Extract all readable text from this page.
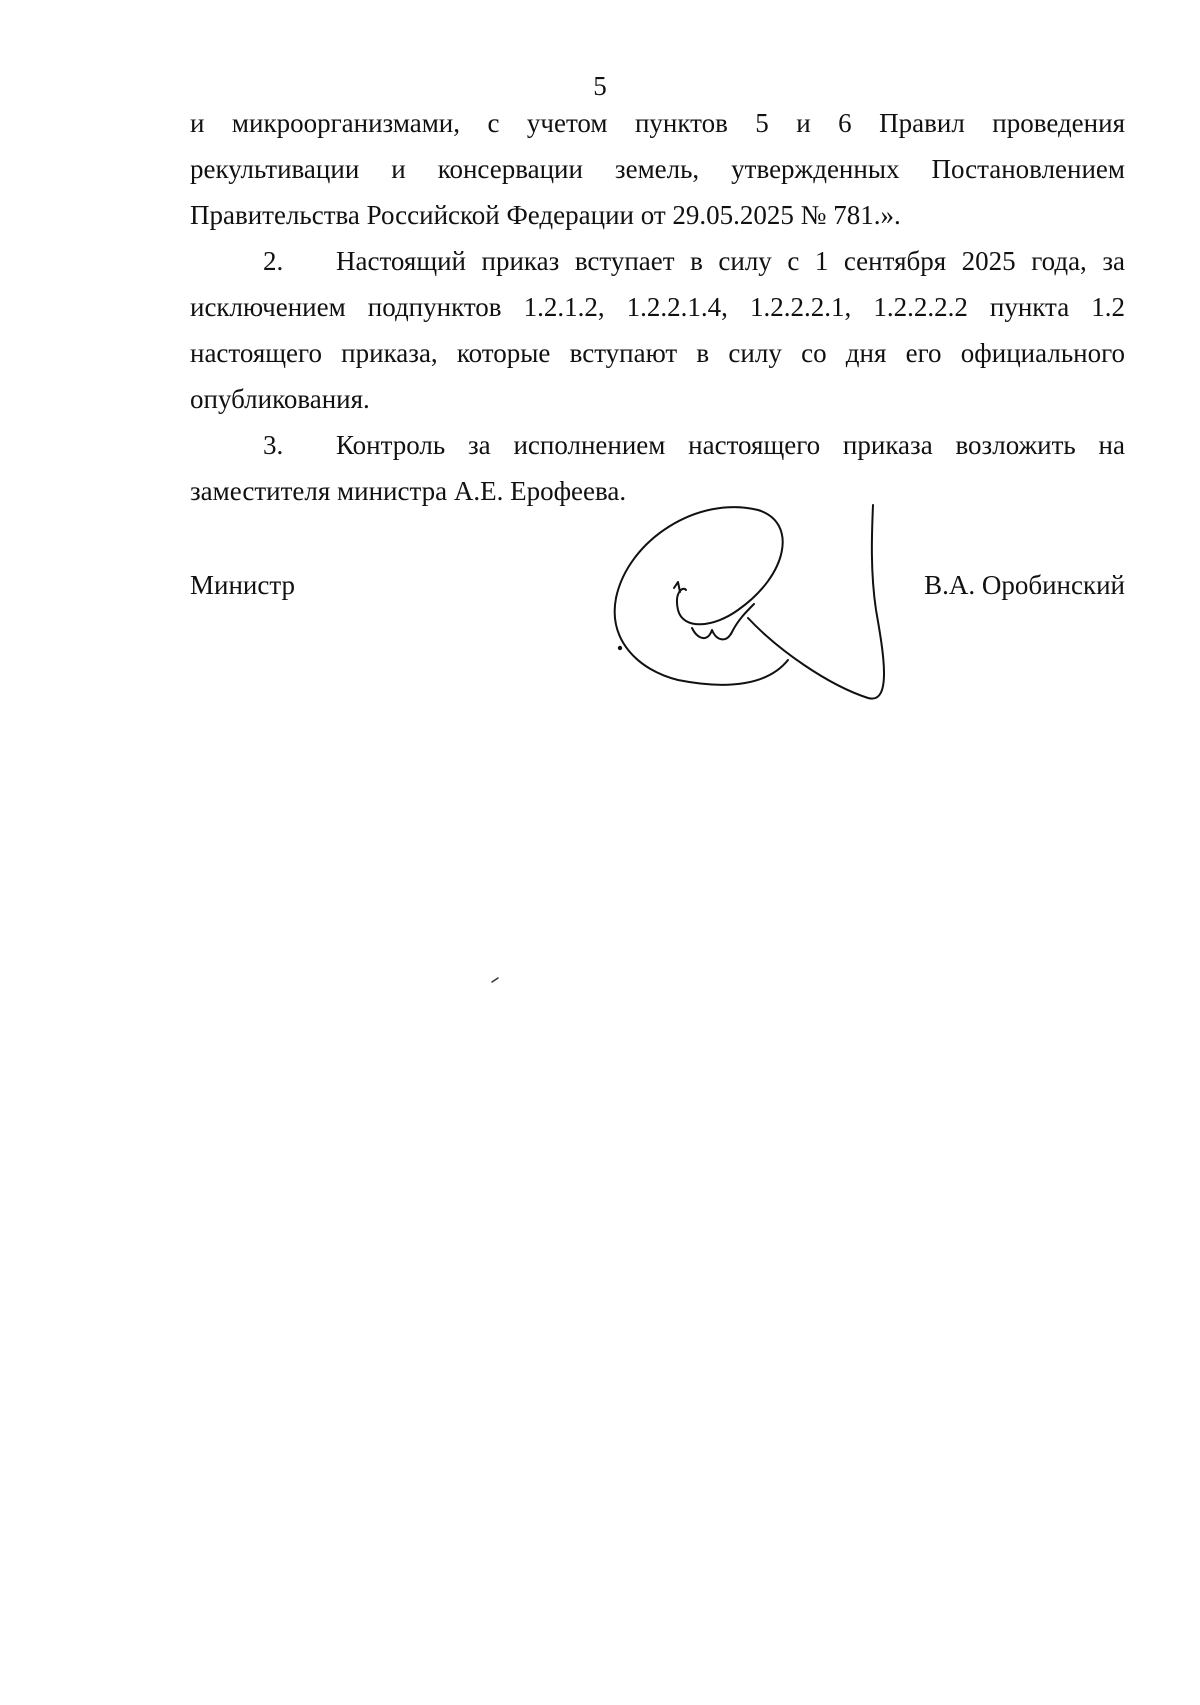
5
и микроорганизмами, с учетом пунктов 5 и 6 Правил проведения
рекультивации и консервации земель, утвержденных Постановлением
Правительства Российской Федерации от 29.05.2025 № 781.».
2. Настоящий приказ вступает в силу с 1 сентября 2025 года, за
исключением подпунктов 1.2.1.2, 1.2.2.1.4, 1.2.2.2.1, 1.2.2.2.2 пункта 1.2
настоящего приказа, которые вступают в силу со дня его официального
опубликования.
3. Контроль за исполнением настоящего приказа возложить на
заместителя министра А.Е. Ерофеева.
Министр	В.А. Оробинский
